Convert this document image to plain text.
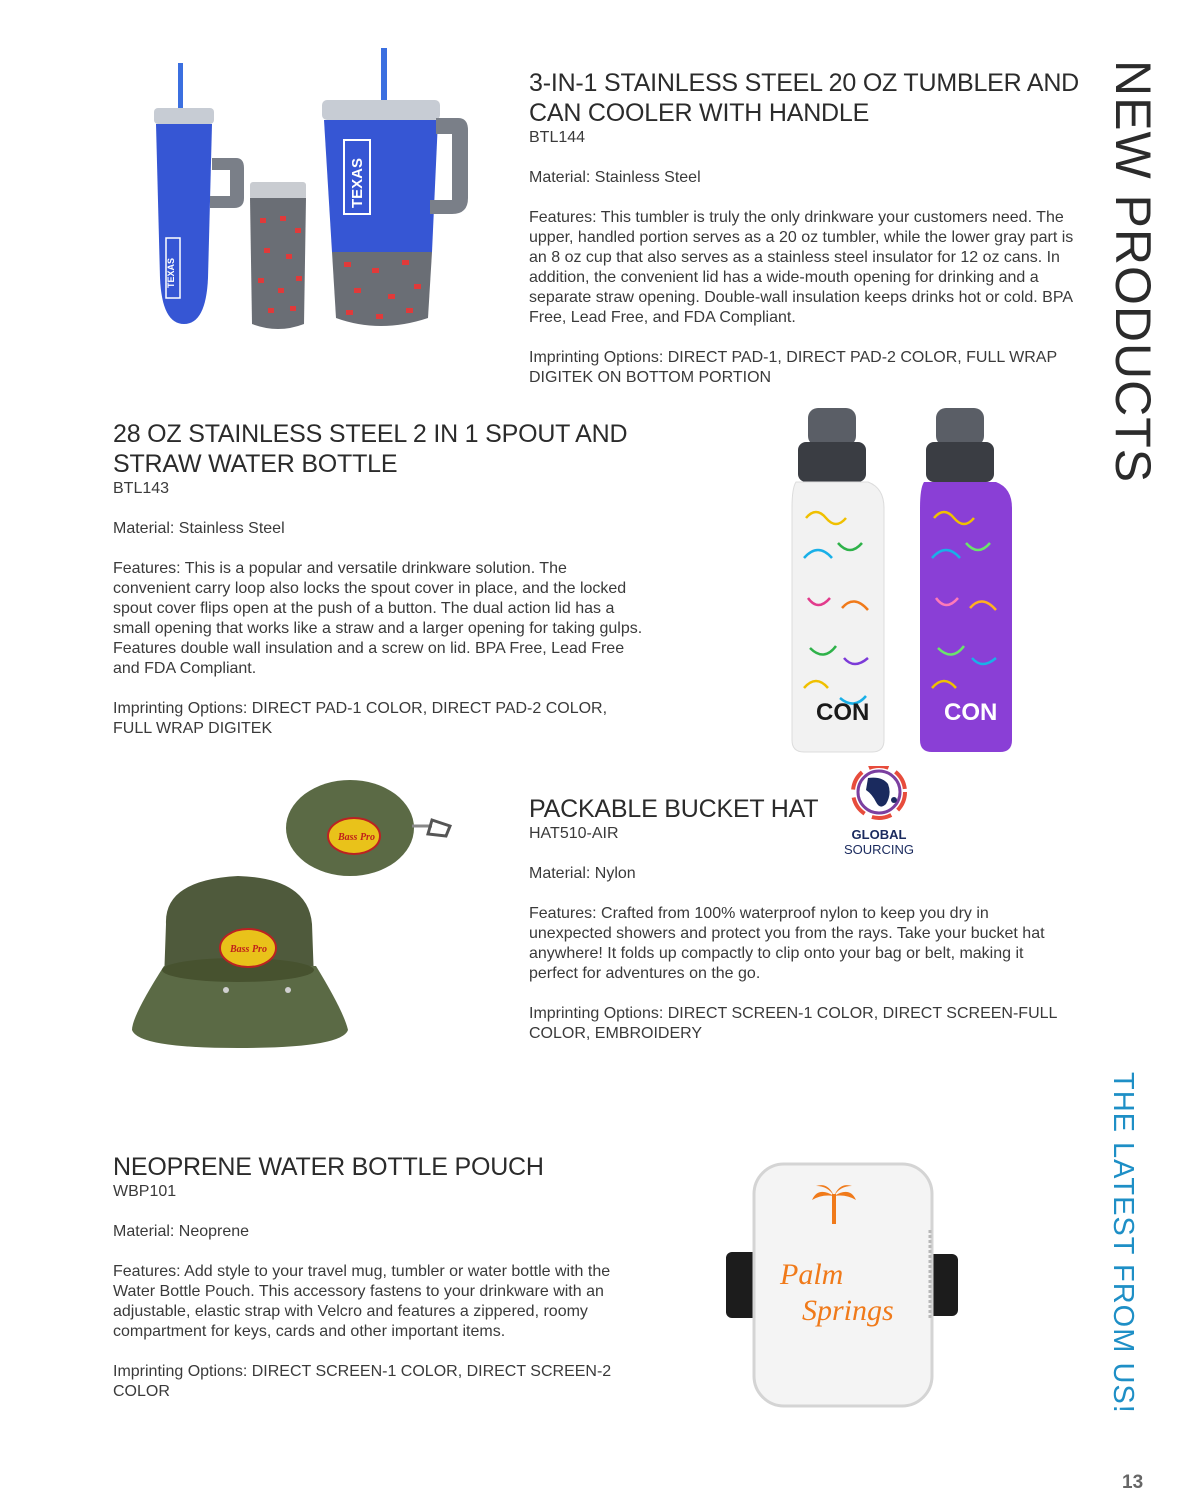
TEXAS
TEXAS
3-IN-1 STAINLESS STEEL 20 OZ TUMBLER AND
CAN COOLER WITH HANDLE
BTL144
Material: Stainless Steel
Features: This tumbler is truly the only drinkware your customers need. The upper, handled portion serves as a 20 oz tumbler, while the lower gray part is an 8 oz cup that also serves as a stainless steel insulator for 12 oz cans. In addition, the convenient lid has a wide-mouth opening for drinking and a separate straw opening. Double-wall insulation keeps drinks hot or cold. BPA Free, Lead Free, and FDA Compliant.
Imprinting Options: DIRECT PAD-1, DIRECT PAD-2 COLOR, FULL WRAP DIGITEK ON BOTTOM PORTION
28 OZ STAINLESS STEEL 2 IN 1 SPOUT AND
STRAW WATER BOTTLE
BTL143
Material: Stainless Steel
Features: This is a popular and versatile drinkware solution. The convenient carry loop also locks the spout cover in place, and the locked spout cover flips open at the push of a button. The dual action lid has a small opening that works like a straw and a larger opening for taking gulps. Features double wall insulation and a screw on lid. BPA Free, Lead Free and FDA Compliant.
Imprinting Options: DIRECT PAD-1 COLOR, DIRECT PAD-2 COLOR, FULL WRAP DIGITEK
CON	CON
Bass Pro
Bass Pro
PACKABLE BUCKET HAT
HAT510-AIR
Material: Nylon
Features: Crafted from 100% waterproof nylon to keep you dry in unexpected showers and protect you from the rays. Take your bucket hat anywhere! It folds up compactly to clip onto your bag or belt, making it perfect for adventures on the go.
Imprinting Options: DIRECT SCREEN-1 COLOR, DIRECT SCREEN-FULL COLOR, EMBROIDERY
GLOBAL
SOURCING
NEOPRENE WATER BOTTLE POUCH
WBP101
Material: Neoprene
Features: Add style to your travel mug, tumbler or water bottle with the Water Bottle Pouch. This accessory fastens to your drinkware with an adjustable, elastic strap with Velcro and features a zippered, roomy compartment for keys, cards and other important items.
Imprinting Options: DIRECT SCREEN-1 COLOR, DIRECT SCREEN-2 COLOR
Palm
Springs
NEW PRODUCTS
THE LATEST FROM US!
13
